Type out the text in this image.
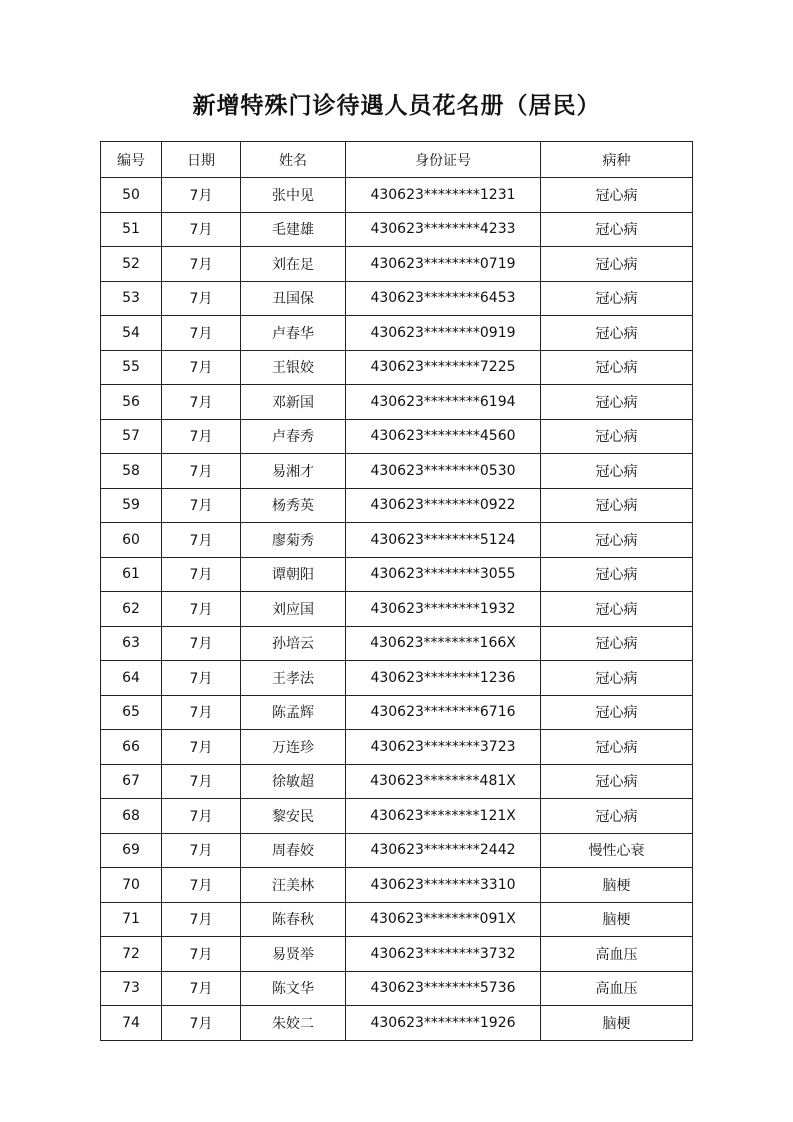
新增特殊门诊待遇人员花名册（居民）
编号	日期	姓名	身份证号	病种
50	7月	张中见	430623********1231	冠心病
51	7月	毛建雄	430623********4233	冠心病
52	7月	刘在足	430623********0719	冠心病
53	7月	丑国保	430623********6453	冠心病
54	7月	卢春华	430623********0919	冠心病
55	7月	王银姣	430623********7225	冠心病
56	7月	邓新国	430623********6194	冠心病
57	7月	卢春秀	430623********4560	冠心病
58	7月	易湘才	430623********0530	冠心病
59	7月	杨秀英	430623********0922	冠心病
60	7月	廖菊秀	430623********5124	冠心病
61	7月	谭朝阳	430623********3055	冠心病
62	7月	刘应国	430623********1932	冠心病
63	7月	孙培云	430623********166X	冠心病
64	7月	王孝法	430623********1236	冠心病
65	7月	陈孟辉	430623********6716	冠心病
66	7月	万连珍	430623********3723	冠心病
67	7月	徐敏超	430623********481X	冠心病
68	7月	黎安民	430623********121X	冠心病
69	7月	周春姣	430623********2442	慢性心衰
70	7月	汪美林	430623********3310	脑梗
71	7月	陈春秋	430623********091X	脑梗
72	7月	易贤举	430623********3732	高血压
73	7月	陈文华	430623********5736	高血压
74	7月	朱姣二	430623********1926	脑梗
